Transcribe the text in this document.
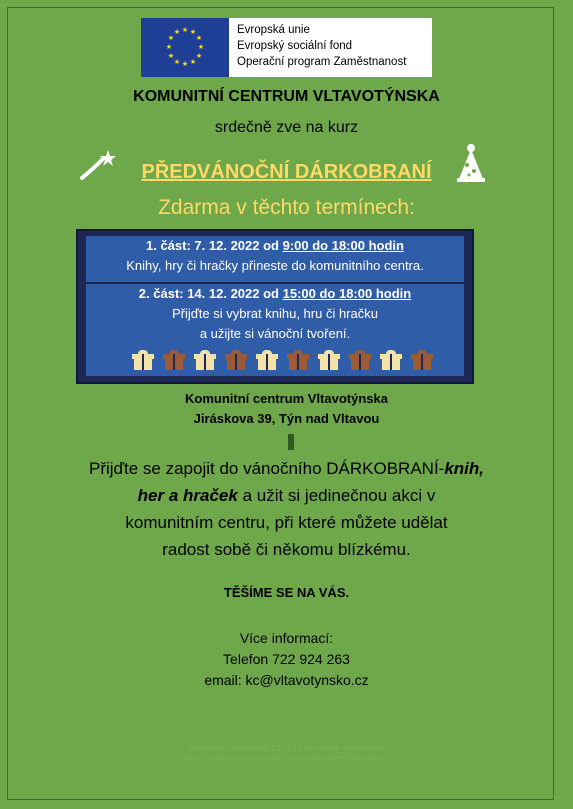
★ ★
★
★
★
★
★
★
★
★
★
★	Evropská unie
Evropský sociální fond
Operační program Zaměstnanost
KOMUNITNÍ CENTRUM VLTAVOTÝNSKA
srdečně zve na kurz
PŘEDVÁNOČNÍ DÁRKOBRANÍ
Zdarma v těchto termínech:
1. část: 7. 12. 2022 od 9:00 do 18:00 hodin
Knihy, hry či hračky přineste do komunitního centra.
2. část: 14. 12. 2022 od 15:00 do 18:00 hodin
Přijďte si vybrat knihu, hru či hračku
a užijte si vánoční tvoření.
Komunitní centrum Vltavotýnska
Jiráskova 39, Týn nad Vltavou
Přijďte se zapojit do vánočního DÁRKOBRANÍ-knih,
her a hraček a užit si jedinečnou akci v
komunitním centru, při které můžete udělat
radost sobě či někomu blízkému.
TĚŠÍME SE NA VÁS.
Více informací:
Telefon 722 924 263
email: kc@vltavotynsko.cz
Registrační číslo projektu: CZ.03.2.63/0.0/0.0/19_097/0014728
Název projektu: Komunitní život v Komunitním centru Vltavotýnska
